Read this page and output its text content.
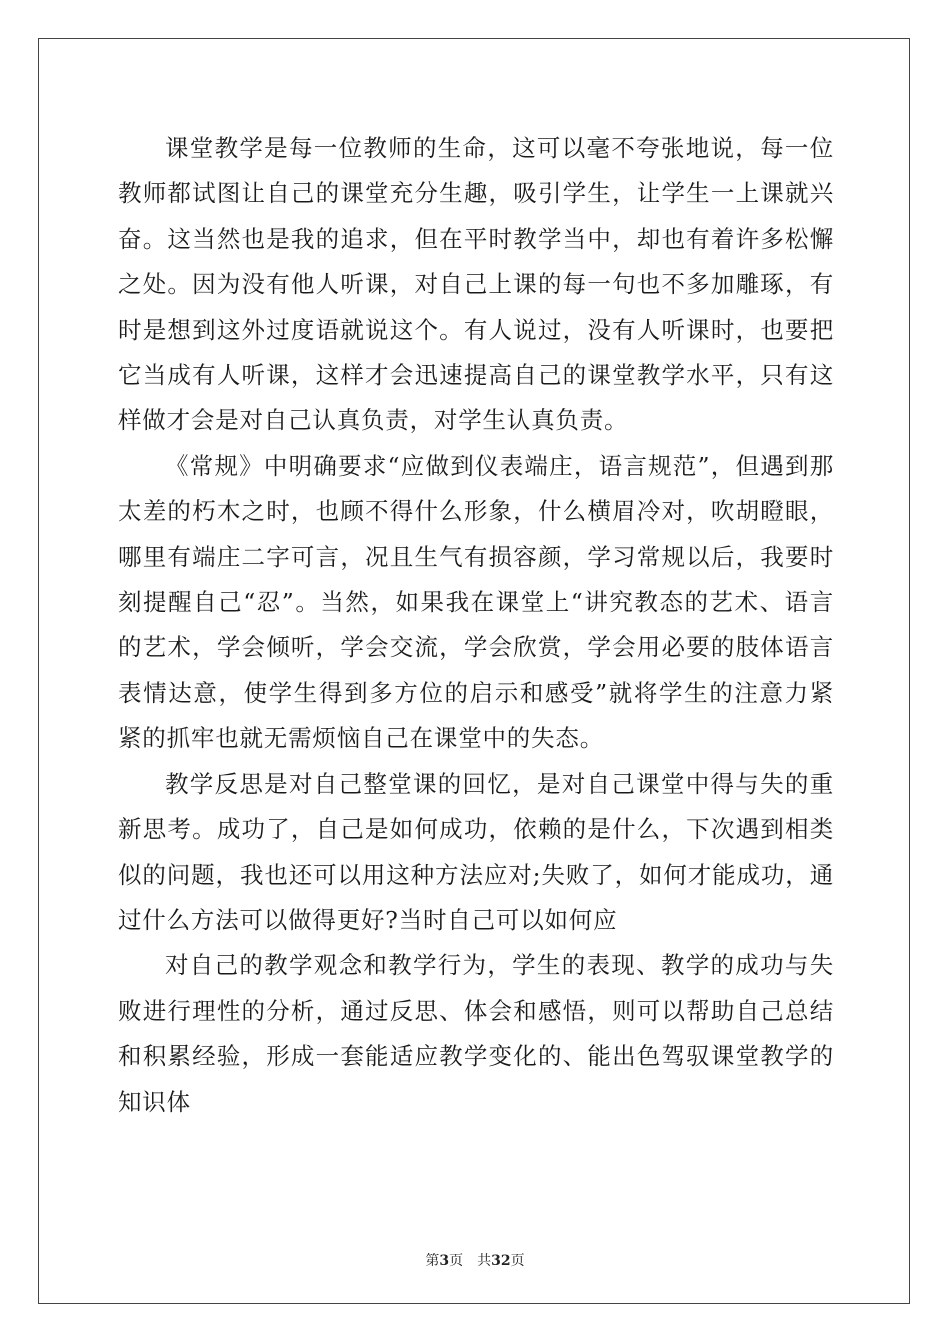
课堂教学是每一位教师的生命，这可以毫不夸张地说，每一位教师都试图让自己的课堂充分生趣，吸引学生，让学生一上课就兴奋。这当然也是我的追求，但在平时教学当中，却也有着许多松懈之处。因为没有他人听课，对自己上课的每一句也不多加雕琢，有时是想到这外过度语就说这个。有人说过，没有人听课时，也要把它当成有人听课，这样才会迅速提高自己的课堂教学水平，只有这样做才会是对自己认真负责，对学生认真负责。

《常规》中明确要求“应做到仪表端庄，语言规范”，但遇到那太差的朽木之时，也顾不得什么形象，什么横眉冷对，吹胡瞪眼，哪里有端庄二字可言，况且生气有损容颜，学习常规以后，我要时刻提醒自己“忍”。当然，如果我在课堂上“讲究教态的艺术、语言的艺术，学会倾听，学会交流，学会欣赏，学会用必要的肢体语言表情达意，使学生得到多方位的启示和感受”就将学生的注意力紧紧的抓牢也就无需烦恼自己在课堂中的失态。

教学反思是对自己整堂课的回忆，是对自己课堂中得与失的重新思考。成功了，自己是如何成功，依赖的是什么，下次遇到相类似的问题，我也还可以用这种方法应对;失败了，如何才能成功，通过什么方法可以做得更好?当时自己可以如何应

对自己的教学观念和教学行为，学生的表现、教学的成功与失败进行理性的分析，通过反思、体会和感悟，则可以帮助自己总结和积累经验，形成一套能适应教学变化的、能出色驾驭课堂教学的知识体

第3页 共32页
